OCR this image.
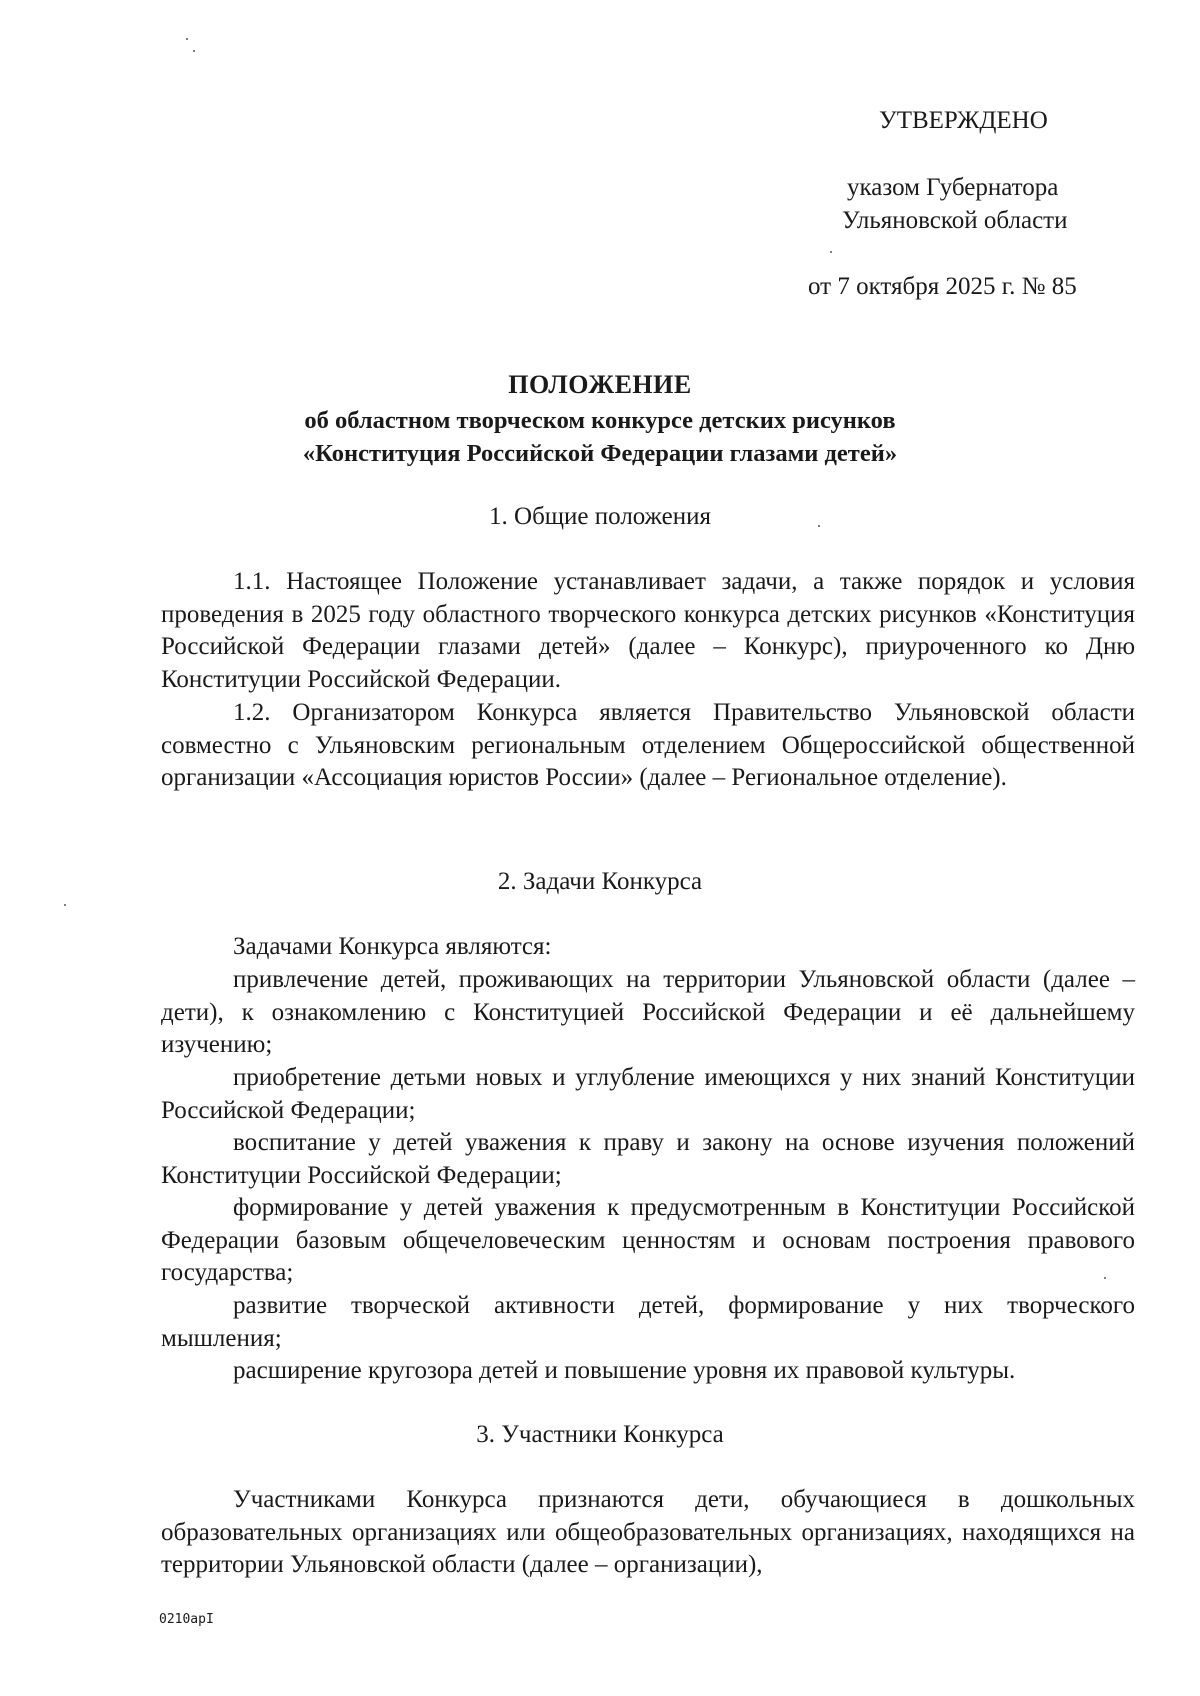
УТВЕРЖДЕНО
указом Губернатора
Ульяновской области
от 7 октября 2025 г. № 85
ПОЛОЖЕНИЕ
об областном творческом конкурсе детских рисунков
«Конституция Российской Федерации глазами детей»
1. Общие положения

1.1. Настоящее Положение устанавливает задачи, а также порядок и условия проведения в 2025 году областного творческого конкурса детских рисунков «Конституция Российской Федерации глазами детей» (далее – Конкурс), приуроченного ко Дню Конституции Российской Федерации.

1.2. Организатором Конкурса является Правительство Ульяновской области совместно с Ульяновским региональным отделением Общероссийской общественной организации «Ассоциация юристов России» (далее – Региональное отделение).

2. Задачи Конкурса

Задачами Конкурса являются:

привлечение детей, проживающих на территории Ульяновской области (далее – дети), к ознакомлению с Конституцией Российской Федерации и её дальнейшему изучению;

приобретение детьми новых и углубление имеющихся у них знаний Конституции Российской Федерации;

воспитание у детей уважения к праву и закону на основе изучения положений Конституции Российской Федерации;

формирование у детей уважения к предусмотренным в Конституции Российской Федерации базовым общечеловеческим ценностям и основам построения правового государства;

развитие творческой активности детей, формирование у них творческого мышления;

расширение кругозора детей и повышение уровня их правовой культуры.

3. Участники Конкурса

Участниками Конкурса признаются дети, обучающиеся в дошкольных образовательных организациях или общеобразовательных организациях, находящихся на территории Ульяновской области (далее – организации),

0210apI
